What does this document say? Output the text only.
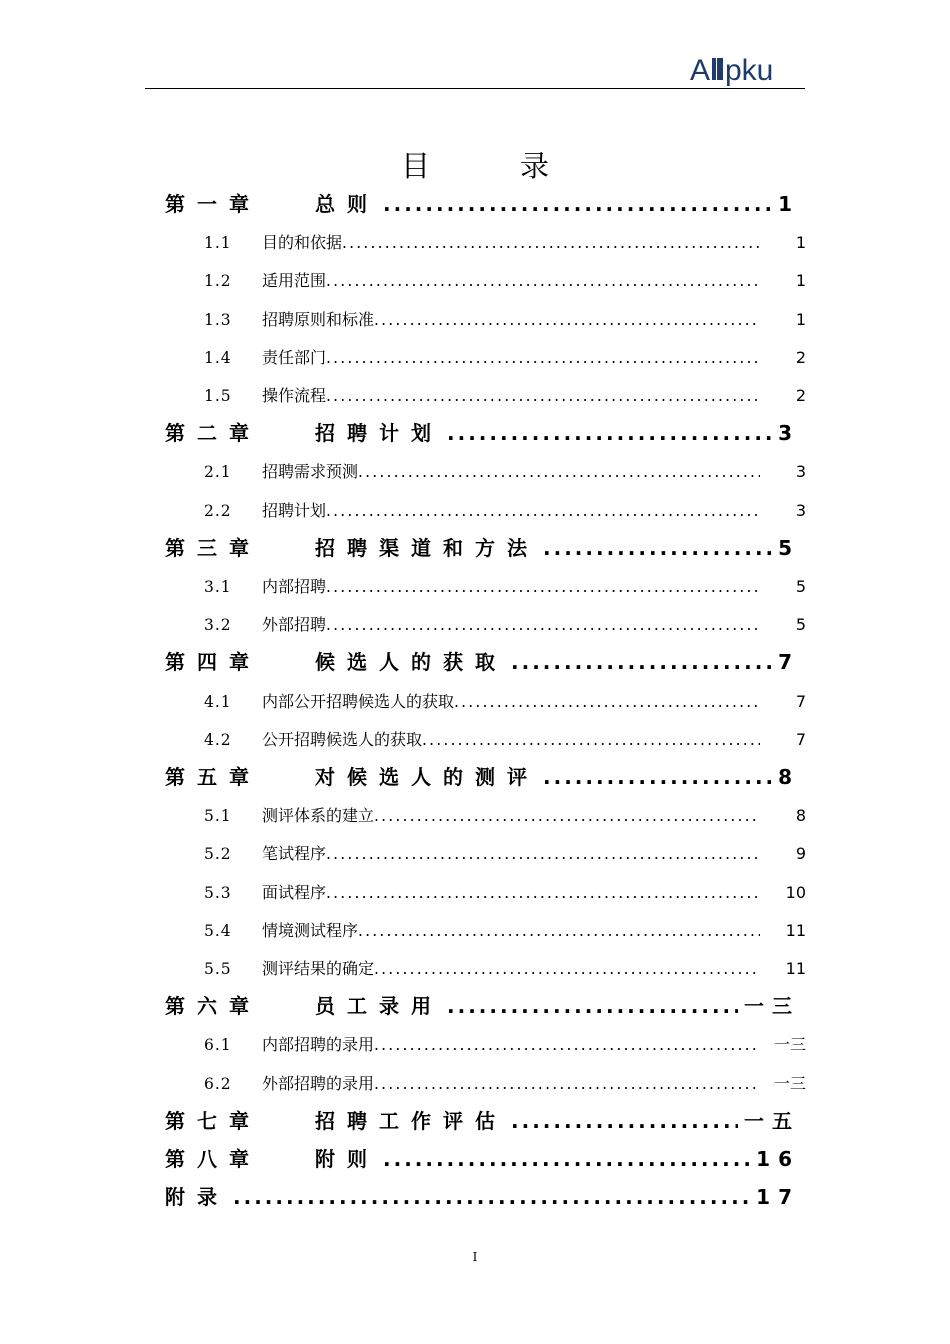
A pku
目录
第一章	总则 .....	1
1.1	目的和依据 .....	1
1.2	适用范围 .....	1
1.3	招聘原则和标准 .....	1
1.4	责任部门 .....	2
1.5	操作流程 .....	2
第二章	招聘计划 .....	3
2.1	招聘需求预测 .....	3
2.2	招聘计划 .....	3
第三章	招聘渠道和方法 .....	5
3.1	内部招聘 .....	5
3.2	外部招聘 .....	5
第四章	候选人的获取 .....	7
4.1	内部公开招聘候选人的获取 .....	7
4.2	公开招聘候选人的获取 .....	7
第五章	对候选人的测评 .....	8
5.1	测评体系的建立 .....	8
5.2	笔试程序 .....	9
5.3	面试程序 .....	10
5.4	情境测试程序 .....	11
5.5	测评结果的确定 .....	11
第六章	员工录用 .....	一三
6.1	内部招聘的录用 .....	一三
6.2	外部招聘的录用 .....	一三
第七章	招聘工作评估 .....	一五
第八章	附则 .....	16
附录 .....	17
I
